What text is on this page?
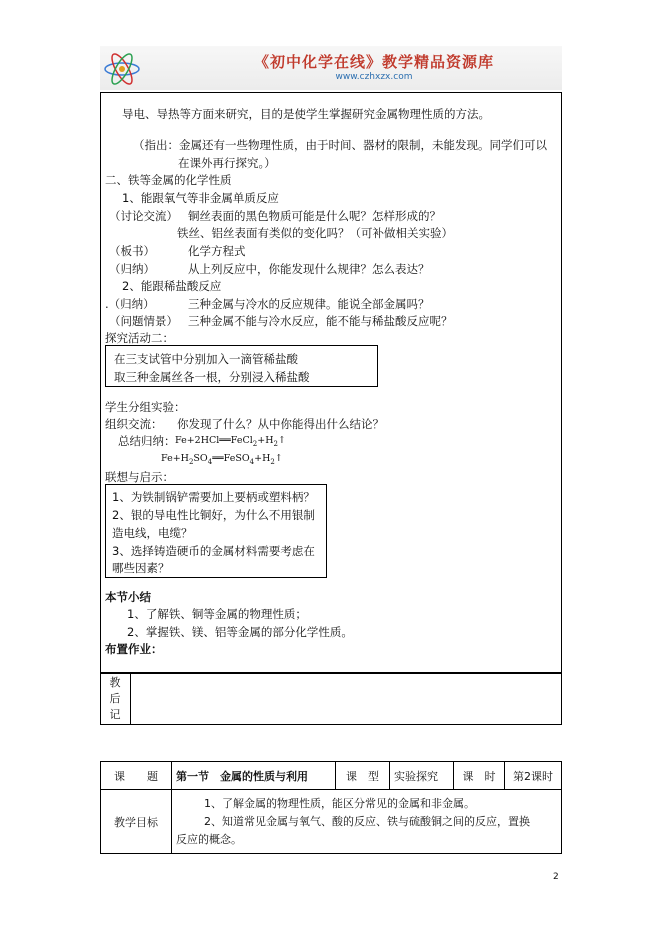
《初中化学在线》教学精品资源库
www.czhxzx.com
导电、导热等方面来研究，目的是使学生掌握研究金属物理性质的方法。
（指出：金属还有一些物理性质，由于时间、器材的限制，未能发现。同学们可以
在课外再行探究。）
二、铁等金属的化学性质
1、能跟氧气等非金属单质反应
（讨论交流） 铜丝表面的黑色物质可能是什么呢？怎样形成的？
铁丝、铝丝表面有类似的变化吗？（可补做相关实验）
（板书）	化学方程式
（归纳）	从上列反应中，你能发现什么规律？怎么表达？
2、能跟稀盐酸反应
.（归纳）	三种金属与冷水的反应规律。能说全部金属吗？
（问题情景） 三种金属不能与冷水反应，能不能与稀盐酸反应呢？
探究活动二：
在三支试管中分别加入一滴管稀盐酸
取三种金属丝各一根，分别浸入稀盐酸
学生分组实验：
组织交流： 你发现了什么？从中你能得出什么结论？
总结归纳： $Fe+2HCl══FeCl_2+H_2↑$
$Fe+H_2SO_4══FeSO_4+H_2↑$
联想与启示：
1、为铁制锅铲需要加上要柄或塑料柄？
2、银的导电性比铜好，为什么不用银制
造电线，电缆？
3、选择铸造硬币的金属材料需要考虑在
哪些因素？
本节小结
1、了解铁、铜等金属的物理性质；
2、掌握铁、镁、铝等金属的部分化学性质。
布置作业：
教
后
记
课　　题	第一节　金属的性质与利用	课　型	实验探究	课　时	第2课时
教学目标	1、了解金属的物理性质，能区分常见的金属和非金属。
2、知道常见金属与氧气、酸的反应、铁与硫酸铜之间的反应，置换
反应的概念。				
2
